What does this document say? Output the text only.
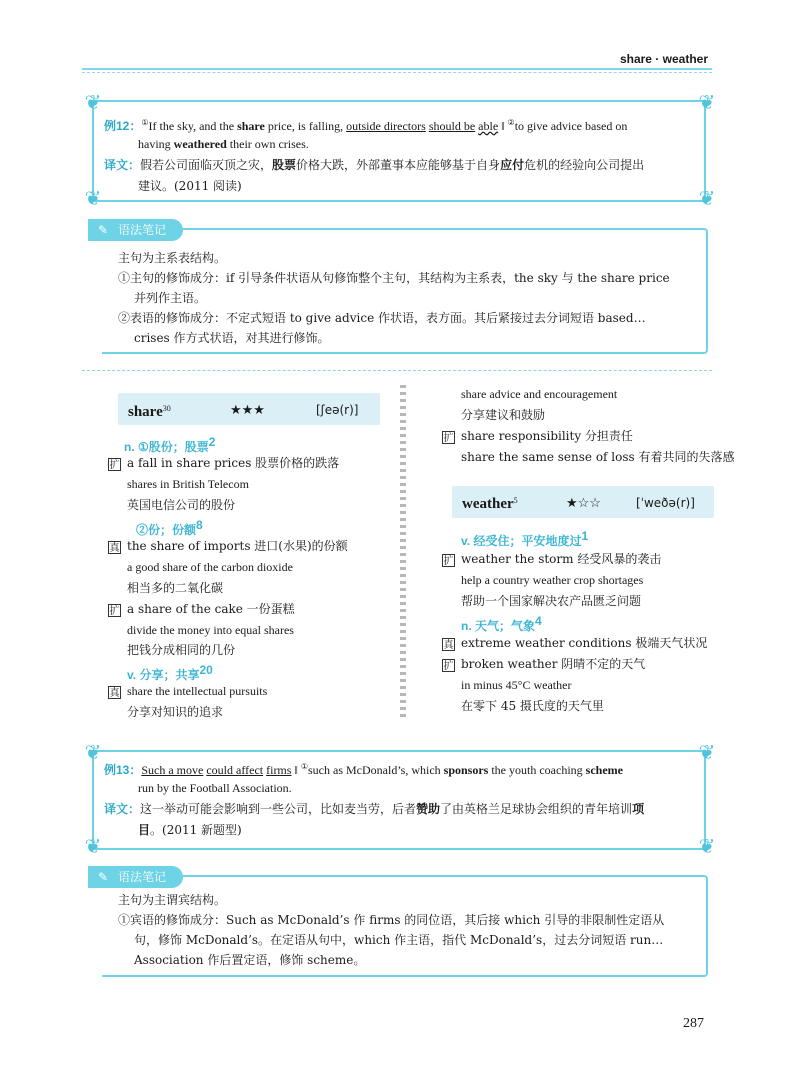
share · weather
❦	❦
❦	❦
例12：①If the sky, and the share price, is falling, outside directors should be able ‖ ②to give advice based on
having weathered their own crises.
译文：假若公司面临灭顶之灾，股票价格大跌，外部董事本应能够基于自身应付危机的经验向公司提出
建议。(2011 阅读)
✎ 语法笔记
主句为主系表结构。
①主句的修饰成分：if 引导条件状语从句修饰整个主句，其结构为主系表，the sky 与 the share price
并列作主语。
②表语的修饰成分：不定式短语 to give advice 作状语，表方面。其后紧接过去分词短语 based…
crises 作方式状语，对其进行修饰。
share$^{30}$	★★★	[ʃeə(r)]
n. ①股份；股票2
扩 a fall in share prices 股票价格的跌落
shares in British Telecom
英国电信公司的股份
②份；份额8
真 the share of imports 进口(水果)的份额
a good share of the carbon dioxide
相当多的二氧化碳
扩 a share of the cake 一份蛋糕
divide the money into equal shares
把钱分成相同的几份
v. 分享；共享20
真 share the intellectual pursuits
分享对知识的追求
share advice and encouragement
分享建议和鼓励
扩 share responsibility 分担责任
share the same sense of loss 有着共同的失落感
weather$^5$	★☆☆	[ˈweðə(r)]
v. 经受住；平安地度过1
扩 weather the storm 经受风暴的袭击
help a country weather crop shortages
帮助一个国家解决农产品匮乏问题
n. 天气；气象4
真 extreme weather conditions 极端天气状况
扩 broken weather 阴晴不定的天气
in minus 45°C weather
在零下 45 摄氏度的天气里
❦	❦
❦	❦
例13：Such a move could affect firms ‖ ①such as McDonald’s, which sponsors the youth coaching scheme
run by the Football Association.
译文：这一举动可能会影响到一些公司，比如麦当劳，后者赞助了由英格兰足球协会组织的青年培训项
目。(2011 新题型)
✎ 语法笔记
主句为主谓宾结构。
①宾语的修饰成分：Such as McDonald’s 作 firms 的同位语，其后接 which 引导的非限制性定语从
句，修饰 McDonald’s。在定语从句中，which 作主语，指代 McDonald’s，过去分词短语 run…
Association 作后置定语，修饰 scheme。
287
